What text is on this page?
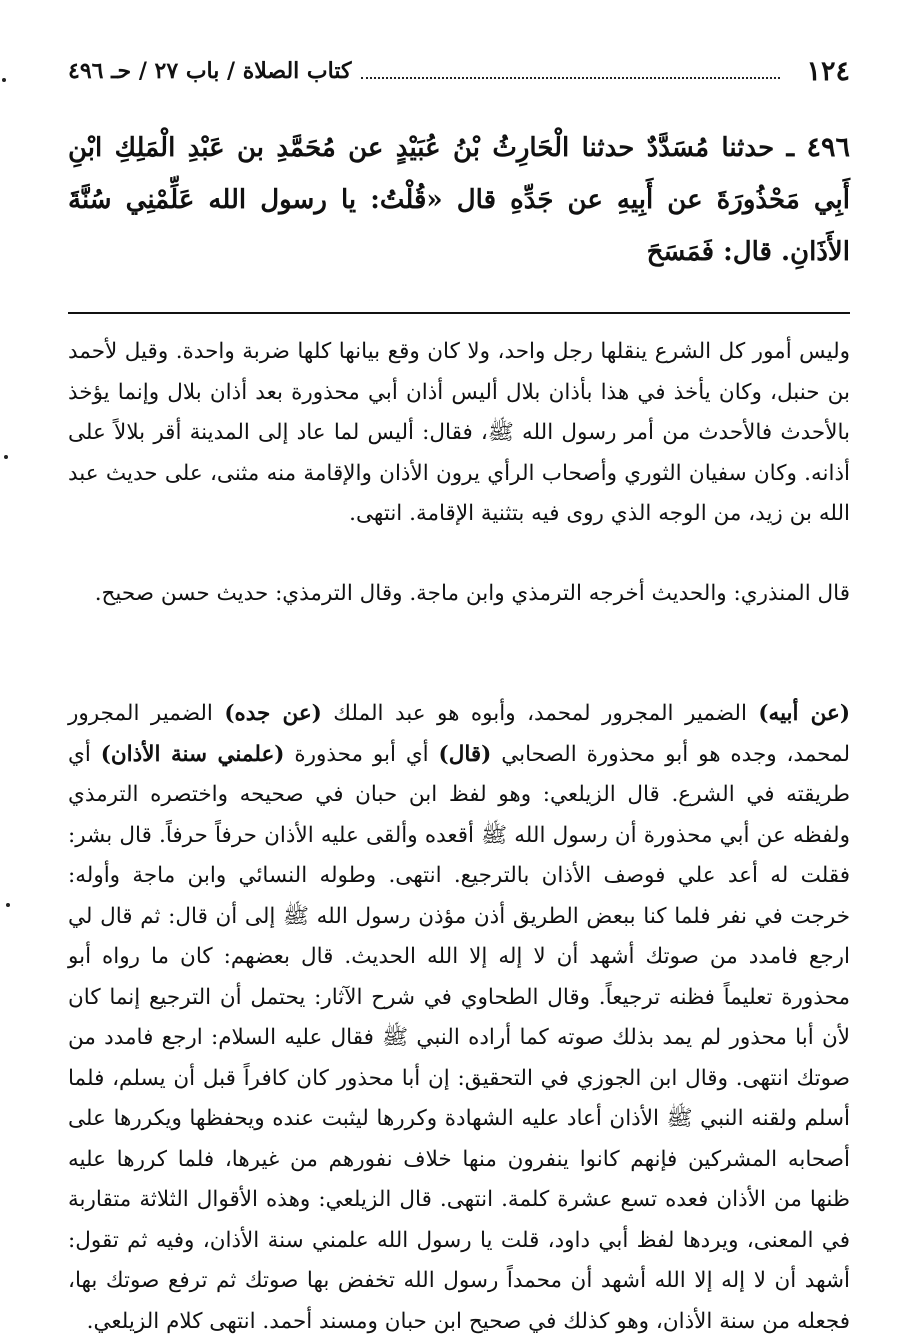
١٢٤
كتاب الصلاة / باب ٢٧ / حـ ٤٩٦
٤٩٦ ـ حدثنا مُسَدَّدٌ حدثنا الْحَارِثُ بْنُ عُبَيْدٍ عن مُحَمَّدِ بن عَبْدِ الْمَلِكِ ابْنِ أَبِي مَحْذُورَةَ عن أَبِيهِ عن جَدِّهِ قال «قُلْتُ: يا رسول الله عَلِّمْنِي سُنَّةَ الأَذَانِ. قال: فَمَسَحَ

وليس أمور كل الشرع ينقلها رجل واحد، ولا كان وقع بيانها كلها ضربة واحدة. وقيل لأحمد بن حنبل، وكان يأخذ في هذا بأذان بلال أليس أذان أبي محذورة بعد أذان بلال وإنما يؤخذ بالأحدث فالأحدث من أمر رسول الله ﷺ، فقال: أليس لما عاد إلى المدينة أقر بلالاً على أذانه. وكان سفيان الثوري وأصحاب الرأي يرون الأذان والإقامة منه مثنى، على حديث عبد الله بن زيد، من الوجه الذي روى فيه بتثنية الإقامة. انتهى.

قال المنذري: والحديث أخرجه الترمذي وابن ماجة. وقال الترمذي: حديث حسن صحيح.

(عن أبيه) الضمير المجرور لمحمد، وأبوه هو عبد الملك (عن جده) الضمير المجرور لمحمد، وجده هو أبو محذورة الصحابي (قال) أي أبو محذورة (علمني سنة الأذان) أي طريقته في الشرع. قال الزيلعي: وهو لفظ ابن حبان في صحيحه واختصره الترمذي ولفظه عن أبي محذورة أن رسول الله ﷺ أقعده وألقى عليه الأذان حرفاً حرفاً. قال بشر: فقلت له أعد علي فوصف الأذان بالترجيع. انتهى. وطوله النسائي وابن ماجة وأوله: خرجت في نفر فلما كنا ببعض الطريق أذن مؤذن رسول الله ﷺ إلى أن قال: ثم قال لي ارجع فامدد من صوتك أشهد أن لا إله إلا الله الحديث. قال بعضهم: كان ما رواه أبو محذورة تعليماً فظنه ترجيعاً. وقال الطحاوي في شرح الآثار: يحتمل أن الترجيع إنما كان لأن أبا محذور لم يمد بذلك صوته كما أراده النبي ﷺ فقال عليه السلام: ارجع فامدد من صوتك انتهى. وقال ابن الجوزي في التحقيق: إن أبا محذور كان كافراً قبل أن يسلم، فلما أسلم ولقنه النبي ﷺ الأذان أعاد عليه الشهادة وكررها ليثبت عنده ويحفظها ويكررها على أصحابه المشركين فإنهم كانوا ينفرون منها خلاف نفورهم من غيرها، فلما كررها عليه ظنها من الأذان فعده تسع عشرة كلمة. انتهى. قال الزيلعي: وهذه الأقوال الثلاثة متقاربة في المعنى، ويردها لفظ أبي داود، قلت يا رسول الله علمني سنة الأذان، وفيه ثم تقول: أشهد أن لا إله إلا الله أشهد أن محمداً رسول الله تخفض بها صوتك ثم ترفع صوتك بها، فجعله من سنة الأذان، وهو كذلك في صحيح ابن حبان ومسند أحمد. انتهى كلام الزيلعي.
